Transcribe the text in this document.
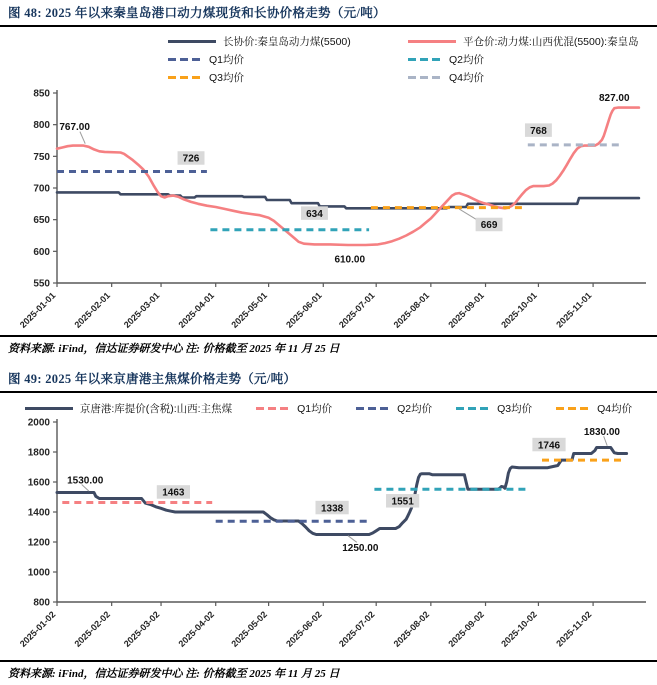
图 48: 2025 年以来秦皇岛港口动力煤现货和长协价格走势（元/吨）
长协价:秦皇岛动力煤(5500)	平仓价:动力煤:山西优混(5500):秦皇岛
Q1均价	Q2均价
Q3均价	Q4均价
850
800
750
700
650
600
550
2025-01-01 2025-02-01 2025-03-01 2025-04-01 2025-05-01 2025-06-01 2025-07-01 2025-08-01 2025-09-01 2025-10-01 2025-11-01
767.00
726
634
610.00
669
768
827.00
资料来源: iFind，信达证券研发中心 注: 价格截至 2025 年 11 月 25 日
图 49: 2025 年以来京唐港主焦煤价格走势（元/吨）
京唐港:库提价(含税):山西:主焦煤	Q1均价	Q2均价	Q3均价	Q4均价
2000
1800
1600
1400
1200
1000
800
2025-01-02 2025-02-02 2025-03-02 2025-04-02 2025-05-02 2025-06-02 2025-07-02 2025-08-02 2025-09-02 2025-10-02 2025-11-02
1530.00
1463
1338
1250.00
1551
1746
1830.00
资料来源: iFind，信达证券研发中心 注: 价格截至 2025 年 11 月 25 日
